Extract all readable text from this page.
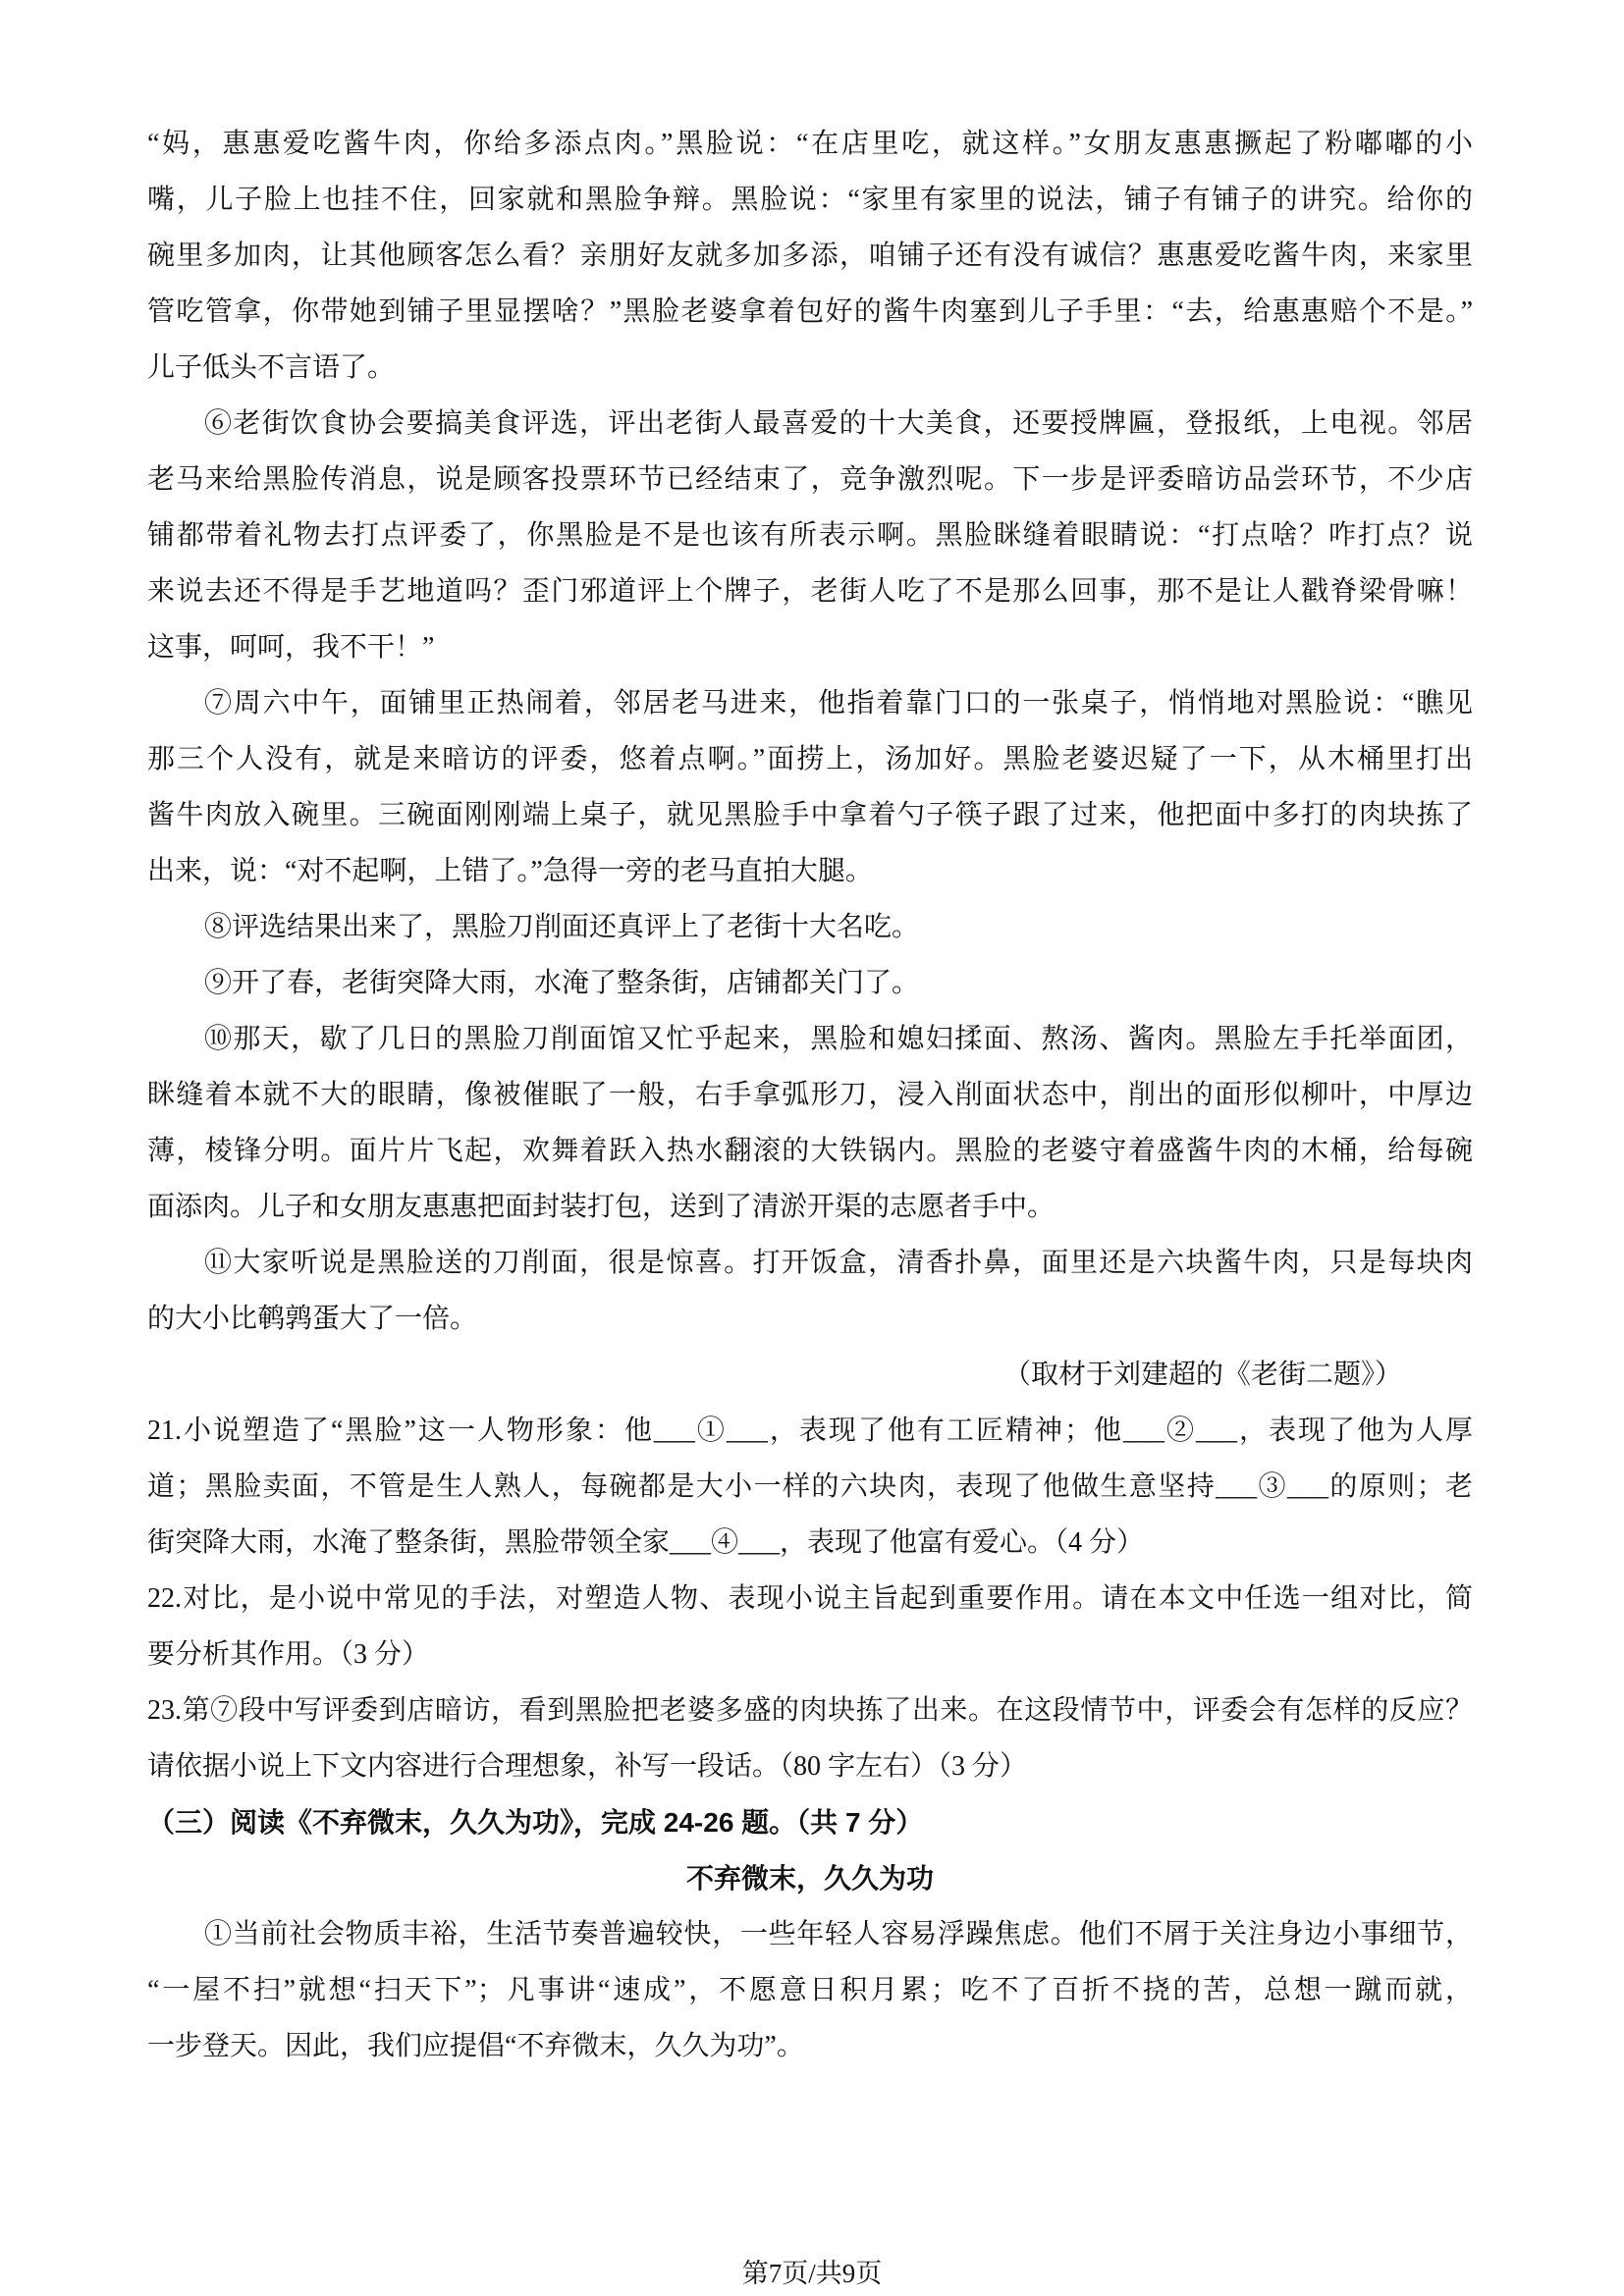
“妈，惠惠爱吃酱牛肉，你给多添点肉。”黑脸说：“在店里吃，就这样。”女朋友惠惠撅起了粉嘟嘟的小
嘴，儿子脸上也挂不住，回家就和黑脸争辩。黑脸说：“家里有家里的说法，铺子有铺子的讲究。给你的
碗里多加肉，让其他顾客怎么看？亲朋好友就多加多添，咱铺子还有没有诚信？惠惠爱吃酱牛肉，来家里
管吃管拿，你带她到铺子里显摆啥？”黑脸老婆拿着包好的酱牛肉塞到儿子手里：“去，给惠惠赔个不是。”
儿子低头不言语了。
⑥老街饮食协会要搞美食评选，评出老街人最喜爱的十大美食，还要授牌匾，登报纸，上电视。邻居
老马来给黑脸传消息，说是顾客投票环节已经结束了，竞争激烈呢。下一步是评委暗访品尝环节，不少店
铺都带着礼物去打点评委了，你黑脸是不是也该有所表示啊。黑脸眯缝着眼睛说：“打点啥？咋打点？说
来说去还不得是手艺地道吗？歪门邪道评上个牌子，老街人吃了不是那么回事，那不是让人戳脊梁骨嘛！
这事，呵呵，我不干！”
⑦周六中午，面铺里正热闹着，邻居老马进来，他指着靠门口的一张桌子，悄悄地对黑脸说：“瞧见
那三个人没有，就是来暗访的评委，悠着点啊。”面捞上，汤加好。黑脸老婆迟疑了一下，从木桶里打出
酱牛肉放入碗里。三碗面刚刚端上桌子，就见黑脸手中拿着勺子筷子跟了过来，他把面中多打的肉块拣了
出来，说：“对不起啊，上错了。”急得一旁的老马直拍大腿。
⑧评选结果出来了，黑脸刀削面还真评上了老街十大名吃。
⑨开了春，老街突降大雨，水淹了整条街，店铺都关门了。
⑩那天，歇了几日的黑脸刀削面馆又忙乎起来，黑脸和媳妇揉面、熬汤、酱肉。黑脸左手托举面团，
眯缝着本就不大的眼睛，像被催眠了一般，右手拿弧形刀，浸入削面状态中，削出的面形似柳叶，中厚边
薄，棱锋分明。面片片飞起，欢舞着跃入热水翻滚的大铁锅内。黑脸的老婆守着盛酱牛肉的木桶，给每碗
面添肉。儿子和女朋友惠惠把面封装打包，送到了清淤开渠的志愿者手中。
⑪大家听说是黑脸送的刀削面，很是惊喜。打开饭盒，清香扑鼻，面里还是六块酱牛肉，只是每块肉
的大小比鹌鹑蛋大了一倍。
（取材于刘建超的《老街二题》）
21.小说塑造了“黑脸”这一人物形象：他___①___，表现了他有工匠精神；他___②___，表现了他为人厚
道；黑脸卖面，不管是生人熟人，每碗都是大小一样的六块肉，表现了他做生意坚持___③___的原则；老
街突降大雨，水淹了整条街，黑脸带领全家___④___，表现了他富有爱心。（4 分）
22.对比，是小说中常见的手法，对塑造人物、表现小说主旨起到重要作用。请在本文中任选一组对比，简
要分析其作用。（3 分）
23.第⑦段中写评委到店暗访，看到黑脸把老婆多盛的肉块拣了出来。在这段情节中，评委会有怎样的反应？
请依据小说上下文内容进行合理想象，补写一段话。（80 字左右）（3 分）
（三）阅读《不弃微末，久久为功》，完成 24-26 题。（共 7 分）
不弃微末，久久为功
①当前社会物质丰裕，生活节奏普遍较快，一些年轻人容易浮躁焦虑。他们不屑于关注身边小事细节，
“一屋不扫”就想“扫天下”；凡事讲“速成”，不愿意日积月累；吃不了百折不挠的苦，总想一蹴而就，
一步登天。因此，我们应提倡“不弃微末，久久为功”。
第7页/共9页
